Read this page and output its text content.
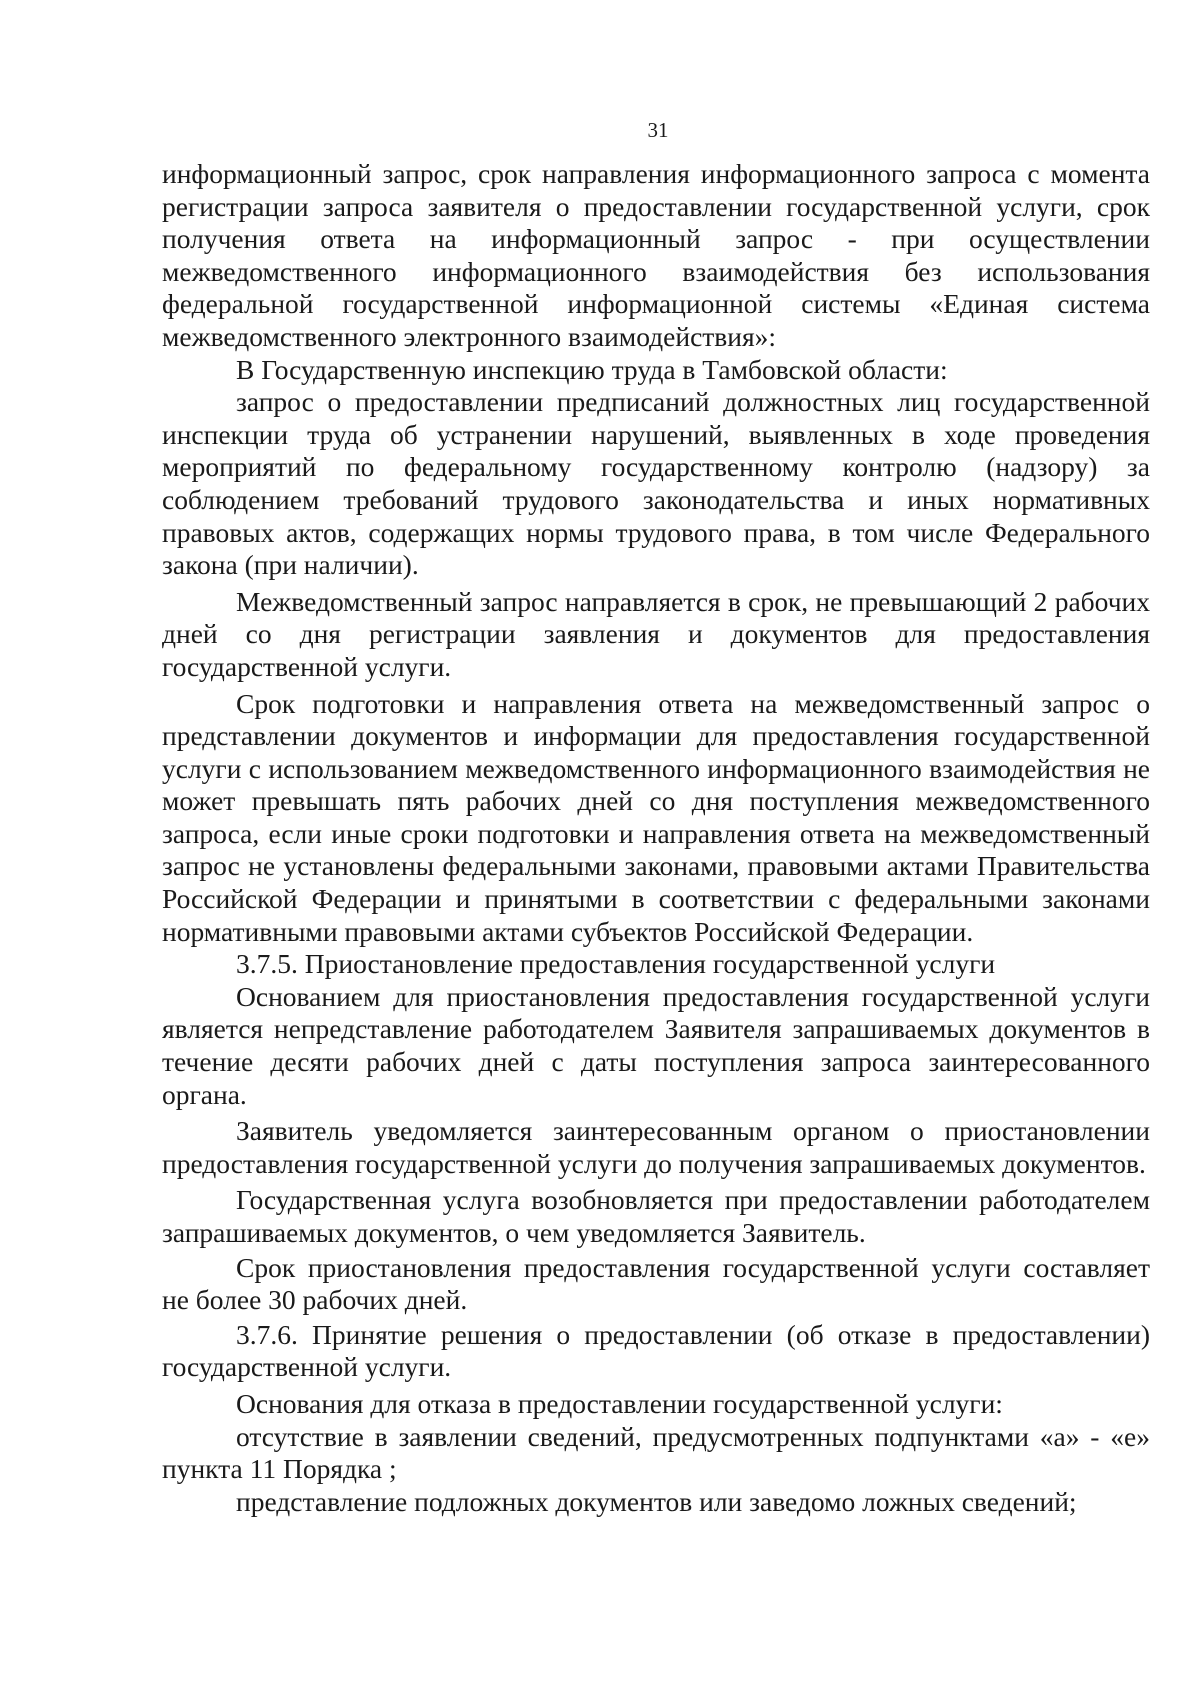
31

информационный запрос, срок направления информационного запроса с момента регистрации запроса заявителя о предоставлении государственной услуги, срок получения ответа на информационный запрос - при осуществлении межведомственного информационного взаимодействия без использования федеральной государственной информационной системы «Единая система межведомственного электронного взаимодействия»:

В Государственную инспекцию труда в Тамбовской области:

запрос о предоставлении предписаний должностных лиц государственной инспекции труда об устранении нарушений, выявленных в ходе проведения мероприятий по федеральному государственному контролю (надзору) за соблюдением требований трудового законодательства и иных нормативных правовых актов, содержащих нормы трудового права, в том числе Федерального закона (при наличии).

Межведомственный запрос направляется в срок, не превышающий 2 рабочих дней со дня регистрации заявления и документов для предоставления государственной услуги.

Срок подготовки и направления ответа на межведомственный запрос о представлении документов и информации для предоставления государственной услуги с использованием межведомственного информационного взаимодействия не может превышать пять рабочих дней со дня поступления межведомственного запроса, если иные сроки подготовки и направления ответа на межведомственный запрос не установлены федеральными законами, правовыми актами Правительства Российской Федерации и принятыми в соответствии с федеральными законами нормативными правовыми актами субъектов Российской Федерации.

3.7.5. Приостановление предоставления государственной услуги

Основанием для приостановления предоставления государственной услуги является непредставление работодателем Заявителя запрашиваемых документов в течение десяти рабочих дней с даты поступления запроса заинтересованного органа.

Заявитель уведомляется заинтересованным органом о приостановлении предоставления государственной услуги до получения запрашиваемых документов.

Государственная услуга возобновляется при предоставлении работодателем запрашиваемых документов, о чем уведомляется Заявитель.

Срок приостановления предоставления государственной услуги составляет не более 30 рабочих дней.

3.7.6. Принятие решения о предоставлении (об отказе в предоставлении) государственной услуги.

Основания для отказа в предоставлении государственной услуги:

отсутствие в заявлении сведений, предусмотренных подпунктами «а» - «е» пункта 11 Порядка ;

представление подложных документов или заведомо ложных сведений;
